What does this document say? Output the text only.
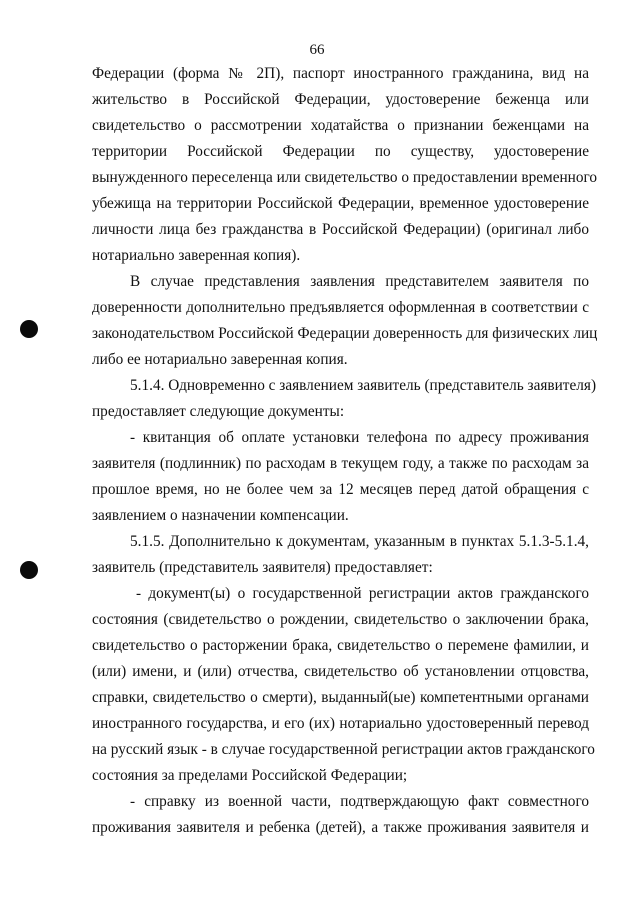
66
Федерации (форма № 2П), паспорт иностранного гражданина, вид на
жительство в Российской Федерации, удостоверение беженца или
свидетельство о рассмотрении ходатайства о признании беженцами на
территории Российской Федерации по существу, удостоверение
вынужденного переселенца или свидетельство о предоставлении временного
убежища на территории Российской Федерации, временное удостоверение
личности лица без гражданства в Российской Федерации) (оригинал либо
нотариально заверенная копия).
В случае представления заявления представителем заявителя по
доверенности дополнительно предъявляется оформленная в соответствии с
законодательством Российской Федерации доверенность для физических лиц
либо ее нотариально заверенная копия.
5.1.4. Одновременно с заявлением заявитель (представитель заявителя)
предоставляет следующие документы:
- квитанция об оплате установки телефона по адресу проживания
заявителя (подлинник) по расходам в текущем году, а также по расходам за
прошлое время, но не более чем за 12 месяцев перед датой обращения с
заявлением о назначении компенсации.
5.1.5. Дополнительно к документам, указанным в пунктах 5.1.3-5.1.4,
заявитель (представитель заявителя) предоставляет:
- документ(ы) о государственной регистрации актов гражданского
состояния (свидетельство о рождении, свидетельство о заключении брака,
свидетельство о расторжении брака, свидетельство о перемене фамилии, и
(или) имени, и (или) отчества, свидетельство об установлении отцовства,
справки, свидетельство о смерти), выданный(ые) компетентными органами
иностранного государства, и его (их) нотариально удостоверенный перевод
на русский язык - в случае государственной регистрации актов гражданского
состояния за пределами Российской Федерации;
- справку из военной части, подтверждающую факт совместного
проживания заявителя и ребенка (детей), а также проживания заявителя и
